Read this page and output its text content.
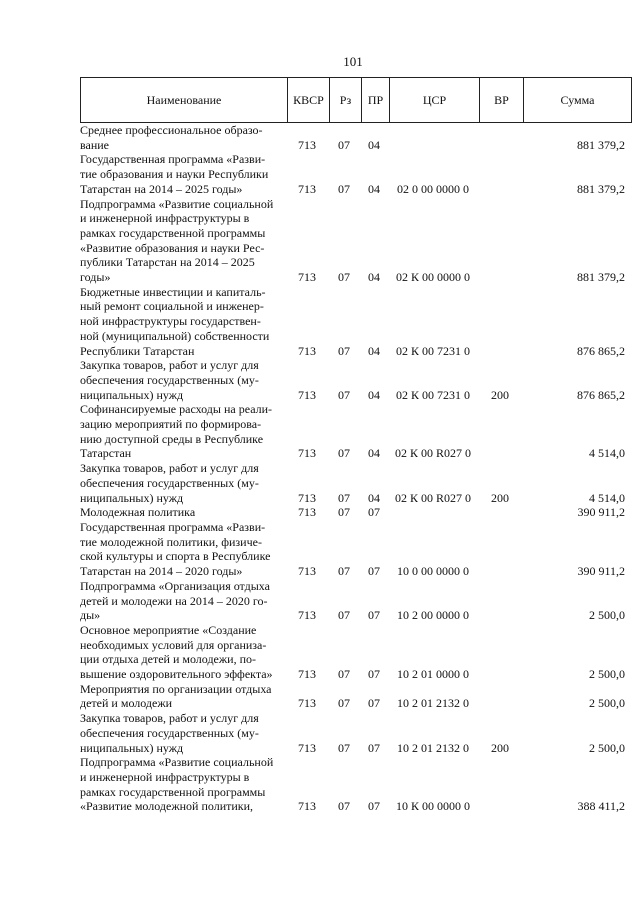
101
Наименование	КВСР	Рз	ПР	ЦСР	ВР	Сумма
Среднее профессиональное образо-
вание	713	07	04	881 379,2
Государственная программа «Разви-
тие образования и науки Республики
Татарстан на 2014 – 2025 годы»	713	07	04	02 0 00 0000 0	881 379,2
Подпрограмма «Развитие социальной
и инженерной инфраструктуры в
рамках государственной программы
«Развитие образования и науки Рес-
публики Татарстан на 2014 – 2025
годы»	713	07	04	02 К 00 0000 0	881 379,2
Бюджетные инвестиции и капиталь-
ный ремонт социальной и инженер-
ной инфраструктуры государствен-
ной (муниципальной) собственности
Республики Татарстан	713	07	04	02 К 00 7231 0	876 865,2
Закупка товаров, работ и услуг для
обеспечения государственных (му-
ниципальных) нужд	713	07	04	02 К 00 7231 0	200	876 865,2
Софинансируемые расходы на реали-
зацию мероприятий по формирова-
нию доступной среды в Республике
Татарстан	713	07	04	02 К 00 R027 0	4 514,0
Закупка товаров, работ и услуг для
обеспечения государственных (му-
ниципальных) нужд	713	07	04	02 К 00 R027 0	200	4 514,0
Молодежная политика	713	07	07	390 911,2
Государственная программа «Разви-
тие молодежной политики, физиче-
ской культуры и спорта в Республике
Татарстан на 2014 – 2020 годы»	713	07	07	10 0 00 0000 0	390 911,2
Подпрограмма «Организация отдыха
детей и молодежи на 2014 – 2020 го-
ды»	713	07	07	10 2 00 0000 0	2 500,0
Основное мероприятие «Создание
необходимых условий для организа-
ции отдыха детей и молодежи, по-
вышение оздоровительного эффекта»	713	07	07	10 2 01 0000 0	2 500,0
Мероприятия по организации отдыха
детей и молодежи	713	07	07	10 2 01 2132 0	2 500,0
Закупка товаров, работ и услуг для
обеспечения государственных (му-
ниципальных) нужд	713	07	07	10 2 01 2132 0	200	2 500,0
Подпрограмма «Развитие социальной
и инженерной инфраструктуры в
рамках государственной программы
«Развитие молодежной политики,	713	07	07	10 К 00 0000 0	388 411,2
